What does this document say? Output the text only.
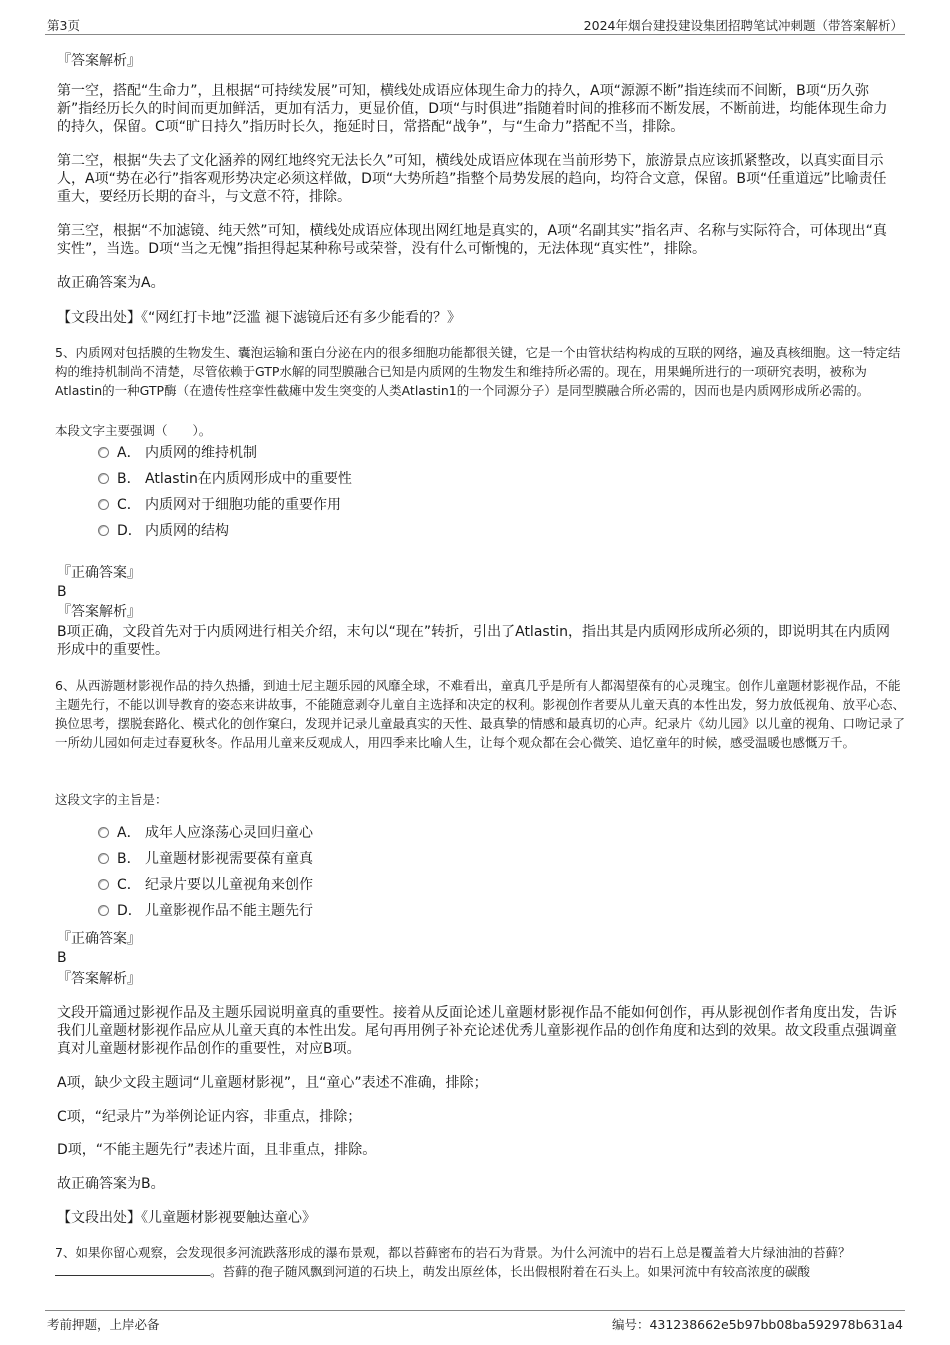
第3页	2024年烟台建投建设集团招聘笔试冲刺题（带答案解析）
『答案解析』

第一空，搭配“生命力”，且根据“可持续发展”可知，横线处成语应体现生命力的持久，A项“源源不断”指连续而不间断，B项“历久弥新”指经历长久的时间而更加鲜活，更加有活力，更显价值，D项“与时俱进”指随着时间的推移而不断发展，不断前进，均能体现生命力的持久，保留。C项“旷日持久”指历时长久，拖延时日，常搭配“战争”，与“生命力”搭配不当，排除。

第二空，根据“失去了文化涵养的网红地终究无法长久”可知，横线处成语应体现在当前形势下，旅游景点应该抓紧整改，以真实面目示人，A项“势在必行”指客观形势决定必须这样做，D项“大势所趋”指整个局势发展的趋向，均符合文意，保留。B项“任重道远”比喻责任重大，要经历长期的奋斗，与文意不符，排除。

第三空，根据“不加滤镜、纯天然”可知，横线处成语应体现出网红地是真实的，A项“名副其实”指名声、名称与实际符合，可体现出“真实性”，当选。D项“当之无愧”指担得起某种称号或荣誉，没有什么可惭愧的，无法体现“真实性”，排除。

故正确答案为A。
【文段出处】《“网红打卡地”泛滥 褪下滤镜后还有多少能看的？》
5、内质网对包括膜的生物发生、囊泡运输和蛋白分泌在内的很多细胞功能都很关键，它是一个由管状结构构成的互联的网络，遍及真核细胞。这一特定结构的维持机制尚不清楚，尽管依赖于GTP水解的同型膜融合已知是内质网的生物发生和维持所必需的。现在，用果蝇所进行的一项研究表明，被称为Atlastin的一种GTP酶（在遗传性痉挛性截瘫中发生突变的人类Atlastin1的一个同源分子）是同型膜融合所必需的，因而也是内质网形成所必需的。
本段文字主要强调（　　）。
A． 内质网的维持机制
B． Atlastin在内质网形成中的重要性
C． 内质网对于细胞功能的重要作用
D． 内质网的结构
『正确答案』
B
『答案解析』

B项正确，文段首先对于内质网进行相关介绍，末句以“现在”转折，引出了Atlastin，指出其是内质网形成所必须的，即说明其在内质网形成中的重要性。

6、从西游题材影视作品的持久热播，到迪士尼主题乐园的风靡全球，不难看出，童真几乎是所有人都渴望葆有的心灵瑰宝。创作儿童题材影视作品，不能主题先行，不能以训导教育的姿态来讲故事，不能随意剥夺儿童自主选择和决定的权利。影视创作者要从儿童天真的本性出发，努力放低视角、放平心态、换位思考，摆脱套路化、模式化的创作窠臼，发现并记录儿童最真实的天性、最真挚的情感和最真切的心声。纪录片《幼儿园》以儿童的视角、口吻记录了一所幼儿园如何走过春夏秋冬。作品用儿童来反观成人，用四季来比喻人生，让每个观众都在会心微笑、追忆童年的时候，感受温暖也感慨万千。
这段文字的主旨是：
A． 成年人应涤荡心灵回归童心
B． 儿童题材影视需要葆有童真
C． 纪录片要以儿童视角来创作
D． 儿童影视作品不能主题先行
『正确答案』
B
『答案解析』

文段开篇通过影视作品及主题乐园说明童真的重要性。接着从反面论述儿童题材影视作品不能如何创作，再从影视创作者角度出发，告诉我们儿童题材影视作品应从儿童天真的本性出发。尾句再用例子补充论述优秀儿童影视作品的创作角度和达到的效果。故文段重点强调童真对儿童题材影视作品创作的重要性，对应B项。

A项，缺少文段主题词“儿童题材影视”，且“童心”表述不准确，排除；
C项，“纪录片”为举例论证内容，非重点，排除；
D项，“不能主题先行”表述片面，且非重点，排除。
故正确答案为B。
【文段出处】《儿童题材影视要触达童心》
7、如果你留心观察，会发现很多河流跌落形成的瀑布景观，都以苔藓密布的岩石为背景。为什么河流中的岩石上总是覆盖着大片绿油油的苔藓？。苔藓的孢子随风飘到河道的石块上，萌发出原丝体，长出假根附着在石头上。如果河流中有较高浓度的碳酸
考前押题，上岸必备	编号：431238662e5b97bb08ba592978b631a4
